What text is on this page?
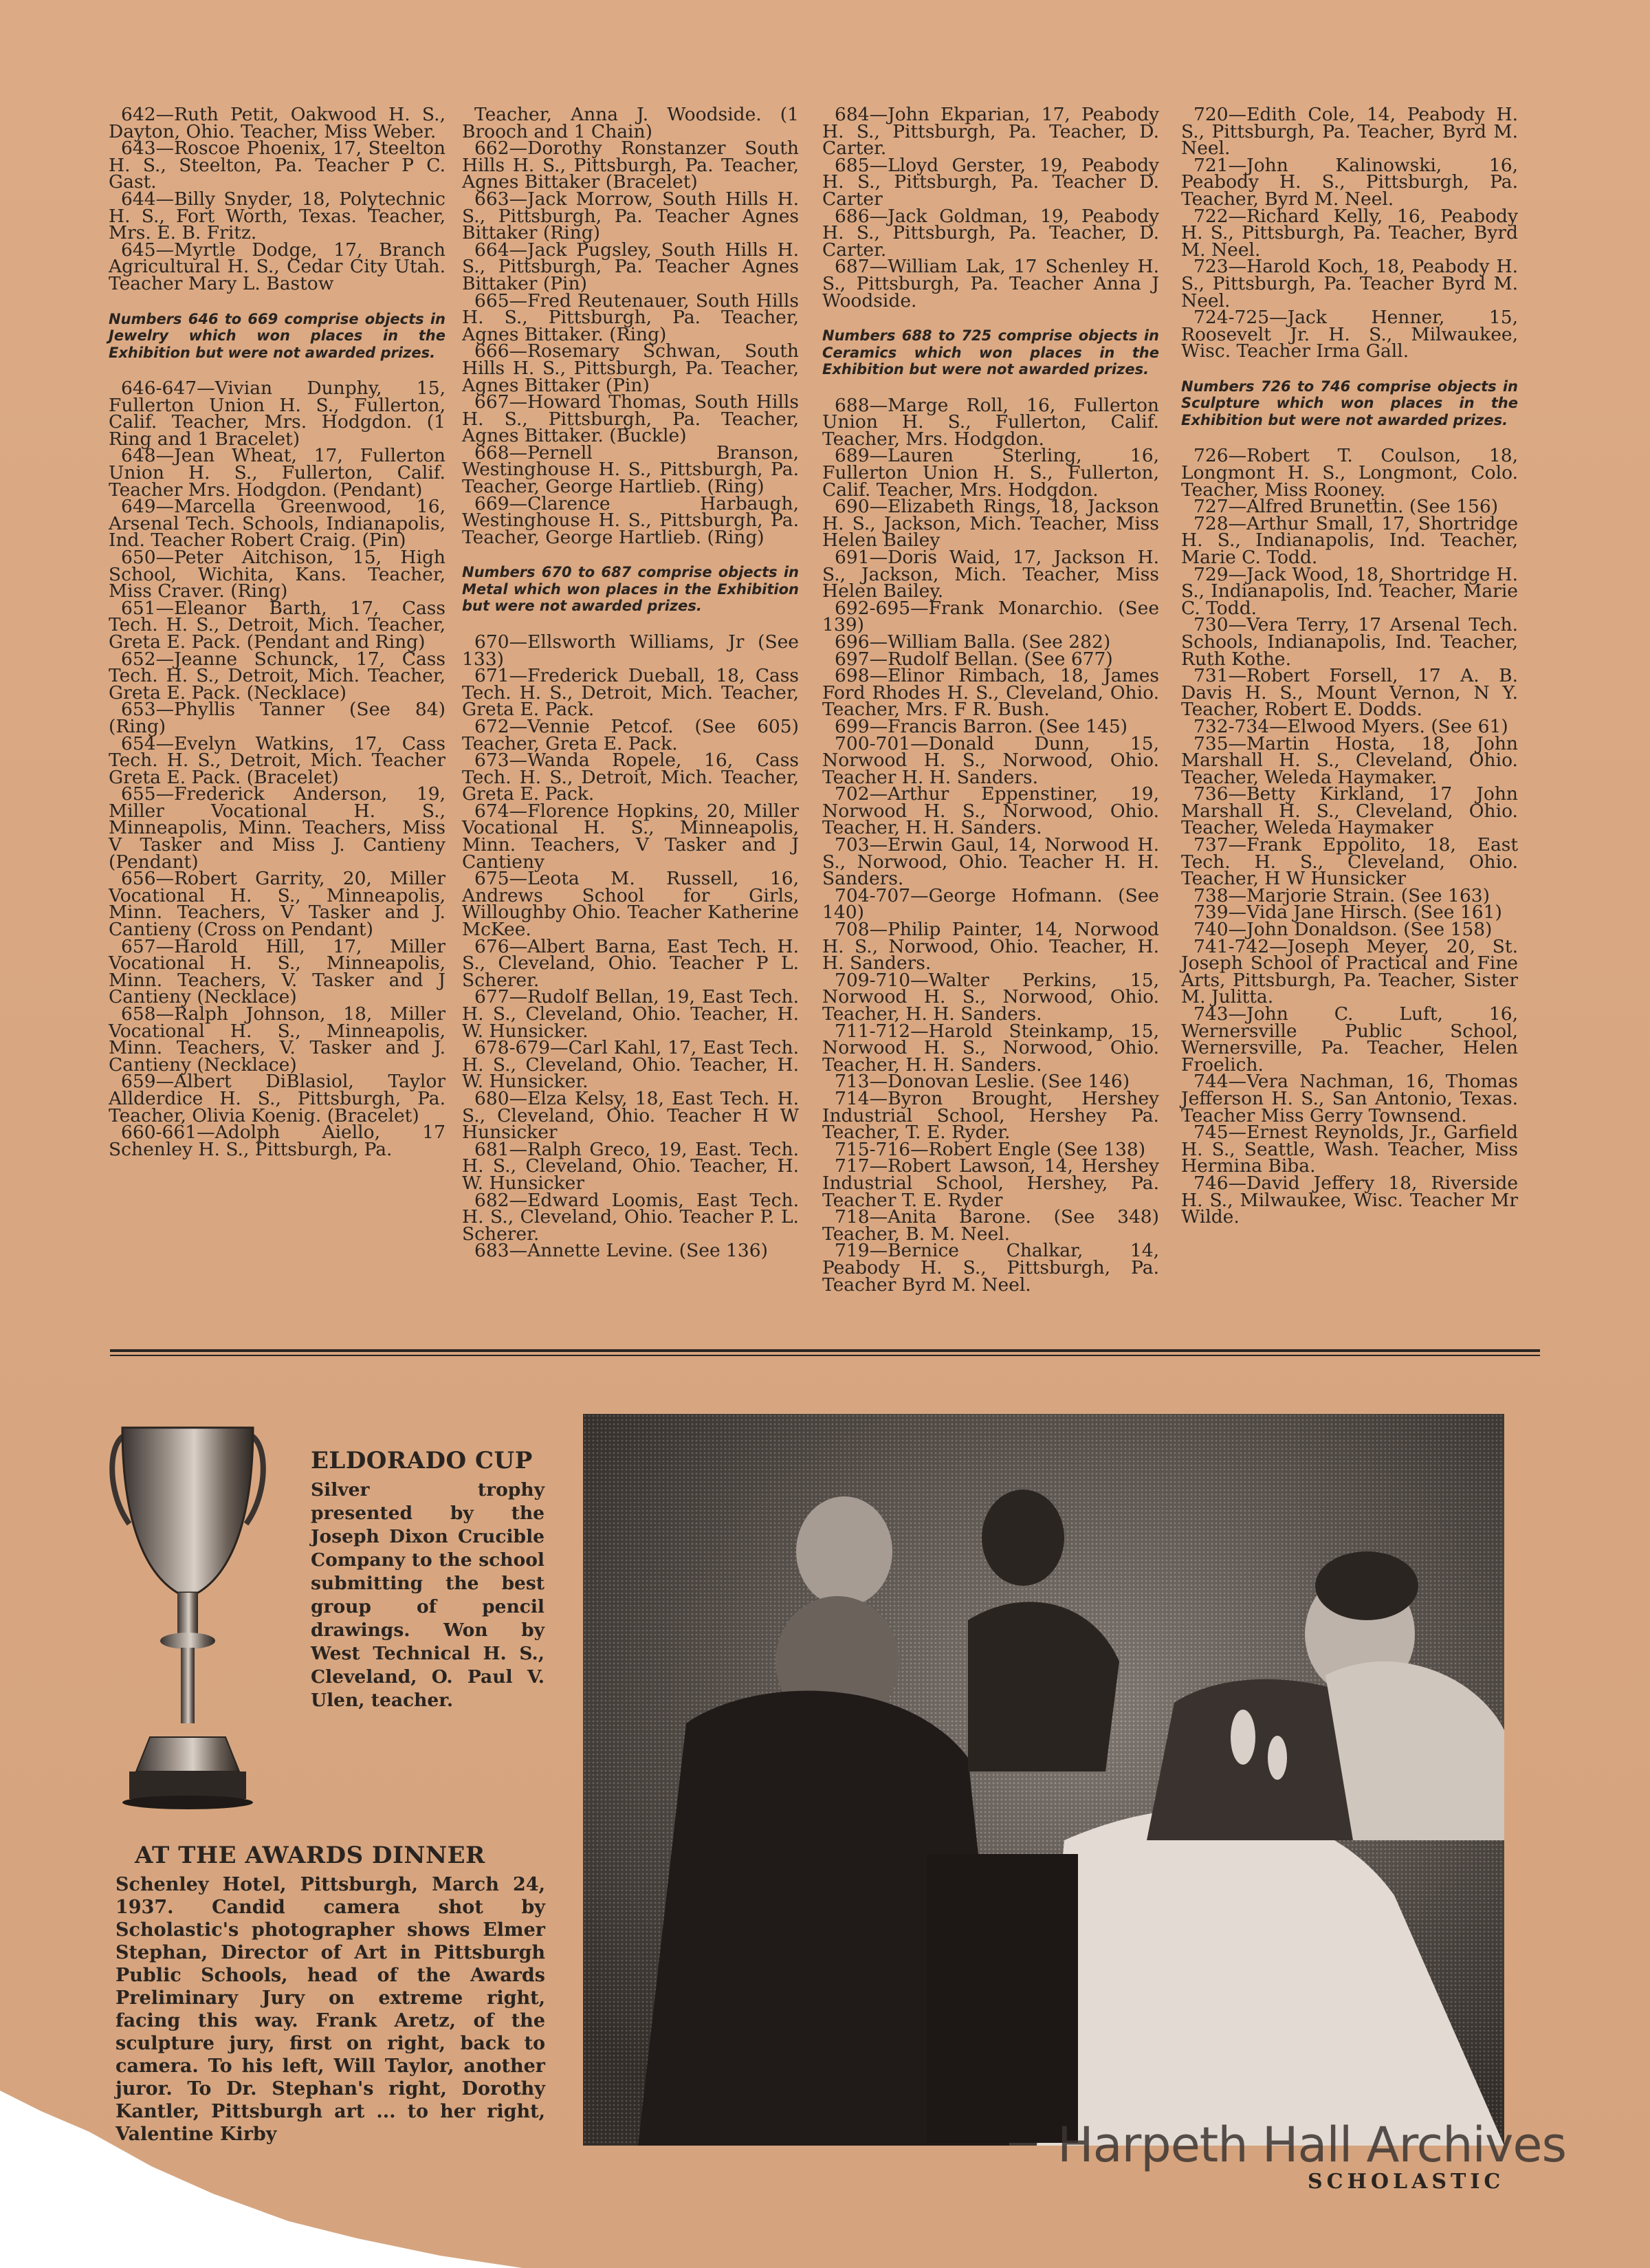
642—Ruth Petit, Oakwood H. S., Dayton, Ohio. Teacher, Miss Weber.

643—Roscoe Phoenix, 17, Steelton H. S., Steelton, Pa. Teacher P C. Gast.

644—Billy Snyder, 18, Polytechnic H. S., Fort Worth, Texas. Teacher, Mrs. E. B. Fritz.

645—Myrtle Dodge, 17, Branch Agricultural H. S., Cedar City Utah. Teacher Mary L. Bastow

Numbers 646 to 669 comprise objects in Jewelry which won places in the Exhibition but were not awarded prizes.

646-647—Vivian Dunphy, 15, Fullerton Union H. S., Fullerton, Calif. Teacher, Mrs. Hodgdon. (1 Ring and 1 Bracelet)

648—Jean Wheat, 17, Fullerton Union H. S., Fullerton, Calif. Teacher Mrs. Hodgdon. (Pendant)

649—Marcella Greenwood, 16, Arsenal Tech. Schools, Indianapolis, Ind. Teacher Robert Craig. (Pin)

650—Peter Aitchison, 15, High School, Wichita, Kans. Teacher, Miss Craver. (Ring)

651—Eleanor Barth, 17, Cass Tech. H. S., Detroit, Mich. Teacher, Greta E. Pack. (Pendant and Ring)

652—Jeanne Schunck, 17, Cass Tech. H. S., Detroit, Mich. Teacher, Greta E. Pack. (Necklace)

653—Phyllis Tanner (See 84) (Ring)

654—Evelyn Watkins, 17, Cass Tech. H. S., Detroit, Mich. Teacher Greta E. Pack. (Bracelet)

655—Frederick Anderson, 19, Miller Vocational H. S., Minneapolis, Minn. Teachers, Miss V Tasker and Miss J. Cantieny (Pendant)

656—Robert Garrity, 20, Miller Vocational H. S., Minneapolis, Minn. Teachers, V Tasker and J. Cantieny (Cross on Pendant)

657—Harold Hill, 17, Miller Vocational H. S., Minneapolis, Minn. Teachers, V. Tasker and J Cantieny (Necklace)

658—Ralph Johnson, 18, Miller Vocational H. S., Minneapolis, Minn. Teachers, V. Tasker and J. Cantieny (Necklace)

659—Albert DiBlasiol, Taylor Allderdice H. S., Pittsburgh, Pa. Teacher, Olivia Koenig. (Bracelet)

660-661—Adolph Aiello, 17 Schenley H. S., Pittsburgh, Pa.

Teacher, Anna J. Woodside. (1 Brooch and 1 Chain)

662—Dorothy Ronstanzer South Hills H. S., Pittsburgh, Pa. Teacher, Agnes Bittaker (Bracelet)

663—Jack Morrow, South Hills H. S., Pittsburgh, Pa. Teacher Agnes Bittaker (Ring)

664—Jack Pugsley, South Hills H. S., Pittsburgh, Pa. Teacher Agnes Bittaker (Pin)

665—Fred Reutenauer, South Hills H. S., Pittsburgh, Pa. Teacher, Agnes Bittaker. (Ring)

666—Rosemary Schwan, South Hills H. S., Pittsburgh, Pa. Teacher, Agnes Bittaker (Pin)

667—Howard Thomas, South Hills H. S., Pittsburgh, Pa. Teacher, Agnes Bittaker. (Buckle)

668—Pernell Branson, Westinghouse H. S., Pittsburgh, Pa. Teacher, George Hartlieb. (Ring)

669—Clarence Harbaugh, Westinghouse H. S., Pittsburgh, Pa. Teacher, George Hartlieb. (Ring)

Numbers 670 to 687 comprise objects in Metal which won places in the Exhibition but were not awarded prizes.

670—Ellsworth Williams, Jr (See 133)

671—Frederick Dueball, 18, Cass Tech. H. S., Detroit, Mich. Teacher, Greta E. Pack.

672—Vennie Petcof. (See 605) Teacher, Greta E. Pack.

673—Wanda Ropele, 16, Cass Tech. H. S., Detroit, Mich. Teacher, Greta E. Pack.

674—Florence Hopkins, 20, Miller Vocational H. S., Minneapolis, Minn. Teachers, V Tasker and J Cantieny

675—Leota M. Russell, 16, Andrews School for Girls, Willoughby Ohio. Teacher Katherine McKee.

676—Albert Barna, East Tech. H. S., Cleveland, Ohio. Teacher P L. Scherer.

677—Rudolf Bellan, 19, East Tech. H. S., Cleveland, Ohio. Teacher, H. W. Hunsicker.

678-679—Carl Kahl, 17, East Tech. H. S., Cleveland, Ohio. Teacher, H. W. Hunsicker.

680—Elza Kelsy, 18, East Tech. H. S., Cleveland, Ohio. Teacher H W Hunsicker

681—Ralph Greco, 19, East. Tech. H. S., Cleveland, Ohio. Teacher, H. W. Hunsicker

682—Edward Loomis, East Tech. H. S., Cleveland, Ohio. Teacher P. L. Scherer.

683—Annette Levine. (See 136)

684—John Ekparian, 17, Peabody H. S., Pittsburgh, Pa. Teacher, D. Carter.

685—Lloyd Gerster, 19, Peabody H. S., Pittsburgh, Pa. Teacher D. Carter

686—Jack Goldman, 19, Peabody H. S., Pittsburgh, Pa. Teacher, D. Carter.

687—William Lak, 17 Schenley H. S., Pittsburgh, Pa. Teacher Anna J Woodside.

Numbers 688 to 725 comprise objects in Ceramics which won places in the Exhibition but were not awarded prizes.

688—Marge Roll, 16, Fullerton Union H. S., Fullerton, Calif. Teacher, Mrs. Hodgdon.

689—Lauren Sterling, 16, Fullerton Union H. S., Fullerton, Calif. Teacher, Mrs. Hodgdon.

690—Elizabeth Rings, 18, Jackson H. S., Jackson, Mich. Teacher, Miss Helen Bailey

691—Doris Waid, 17, Jackson H. S., Jackson, Mich. Teacher, Miss Helen Bailey.

692-695—Frank Monarchio. (See 139)

696—William Balla. (See 282)

697—Rudolf Bellan. (See 677)

698—Elinor Rimbach, 18, James Ford Rhodes H. S., Cleveland, Ohio. Teacher, Mrs. F R. Bush.

699—Francis Barron. (See 145)

700-701—Donald Dunn, 15, Norwood H. S., Norwood, Ohio. Teacher H. H. Sanders.

702—Arthur Eppenstiner, 19, Norwood H. S., Norwood, Ohio. Teacher, H. H. Sanders.

703—Erwin Gaul, 14, Norwood H. S., Norwood, Ohio. Teacher H. H. Sanders.

704-707—George Hofmann. (See 140)

708—Philip Painter, 14, Norwood H. S., Norwood, Ohio. Teacher, H. H. Sanders.

709-710—Walter Perkins, 15, Norwood H. S., Norwood, Ohio. Teacher, H. H. Sanders.

711-712—Harold Steinkamp, 15, Norwood H. S., Norwood, Ohio. Teacher, H. H. Sanders.

713—Donovan Leslie. (See 146)

714—Byron Brought, Hershey Industrial School, Hershey Pa. Teacher, T. E. Ryder.

715-716—Robert Engle (See 138)

717—Robert Lawson, 14, Hershey Industrial School, Hershey, Pa. Teacher T. E. Ryder

718—Anita Barone. (See 348) Teacher, B. M. Neel.

719—Bernice Chalkar, 14, Peabody H. S., Pittsburgh, Pa. Teacher Byrd M. Neel.

720—Edith Cole, 14, Peabody H. S., Pittsburgh, Pa. Teacher, Byrd M. Neel.

721—John Kalinowski, 16, Peabody H. S., Pittsburgh, Pa. Teacher, Byrd M. Neel.

722—Richard Kelly, 16, Peabody H. S., Pittsburgh, Pa. Teacher, Byrd M. Neel.

723—Harold Koch, 18, Peabody H. S., Pittsburgh, Pa. Teacher Byrd M. Neel.

724-725—Jack Henner, 15, Roosevelt Jr. H. S., Milwaukee, Wisc. Teacher Irma Gall.

Numbers 726 to 746 comprise objects in Sculpture which won places in the Exhibition but were not awarded prizes.

726—Robert T. Coulson, 18, Longmont H. S., Longmont, Colo. Teacher, Miss Rooney.

727—Alfred Brunettin. (See 156)

728—Arthur Small, 17, Shortridge H. S., Indianapolis, Ind. Teacher, Marie C. Todd.

729—Jack Wood, 18, Shortridge H. S., Indianapolis, Ind. Teacher, Marie C. Todd.

730—Vera Terry, 17 Arsenal Tech. Schools, Indianapolis, Ind. Teacher, Ruth Kothe.

731—Robert Forsell, 17 A. B. Davis H. S., Mount Vernon, N Y. Teacher, Robert E. Dodds.

732-734—Elwood Myers. (See 61)

735—Martin Hosta, 18, John Marshall H. S., Cleveland, Ohio. Teacher, Weleda Haymaker.

736—Betty Kirkland, 17 John Marshall H. S., Cleveland, Ohio. Teacher, Weleda Haymaker

737—Frank Eppolito, 18, East Tech. H. S., Cleveland, Ohio. Teacher, H W Hunsicker

738—Marjorie Strain. (See 163)

739—Vida Jane Hirsch. (See 161)

740—John Donaldson. (See 158)

741-742—Joseph Meyer, 20, St. Joseph School of Practical and Fine Arts, Pittsburgh, Pa. Teacher, Sister M. Julitta.

743—John C. Luft, 16, Wernersville Public School, Wernersville, Pa. Teacher, Helen Froelich.

744—Vera Nachman, 16, Thomas Jefferson H. S., San Antonio, Texas. Teacher Miss Gerry Townsend.

745—Ernest Reynolds, Jr., Garfield H. S., Seattle, Wash. Teacher, Miss Hermina Biba.

746—David Jeffery 18, Riverside H. S., Milwaukee, Wisc. Teacher Mr Wilde.

ELDORADO CUP
Silver trophy presented by the Joseph Dixon Crucible Company to the school submitting the best group of pencil drawings. Won by West Technical H. S., Cleveland, O. Paul V. Ulen, teacher.
AT THE AWARDS DINNER
Schenley Hotel, Pittsburgh, March 24, 1937. Candid camera shot by Scholastic's photographer shows Elmer Stephan, Director of Art in Pittsburgh Public Schools, head of the Awards Preliminary Jury on extreme right, facing this way. Frank Aretz, of the sculpture jury, first on right, back to camera. To his left, Will Taylor, another juror. To Dr. Stephan's right, Dorothy Kantler, Pittsburgh art ... to her right, Valentine Kirby	Harpeth Hall Archives
SCHOLASTIC
